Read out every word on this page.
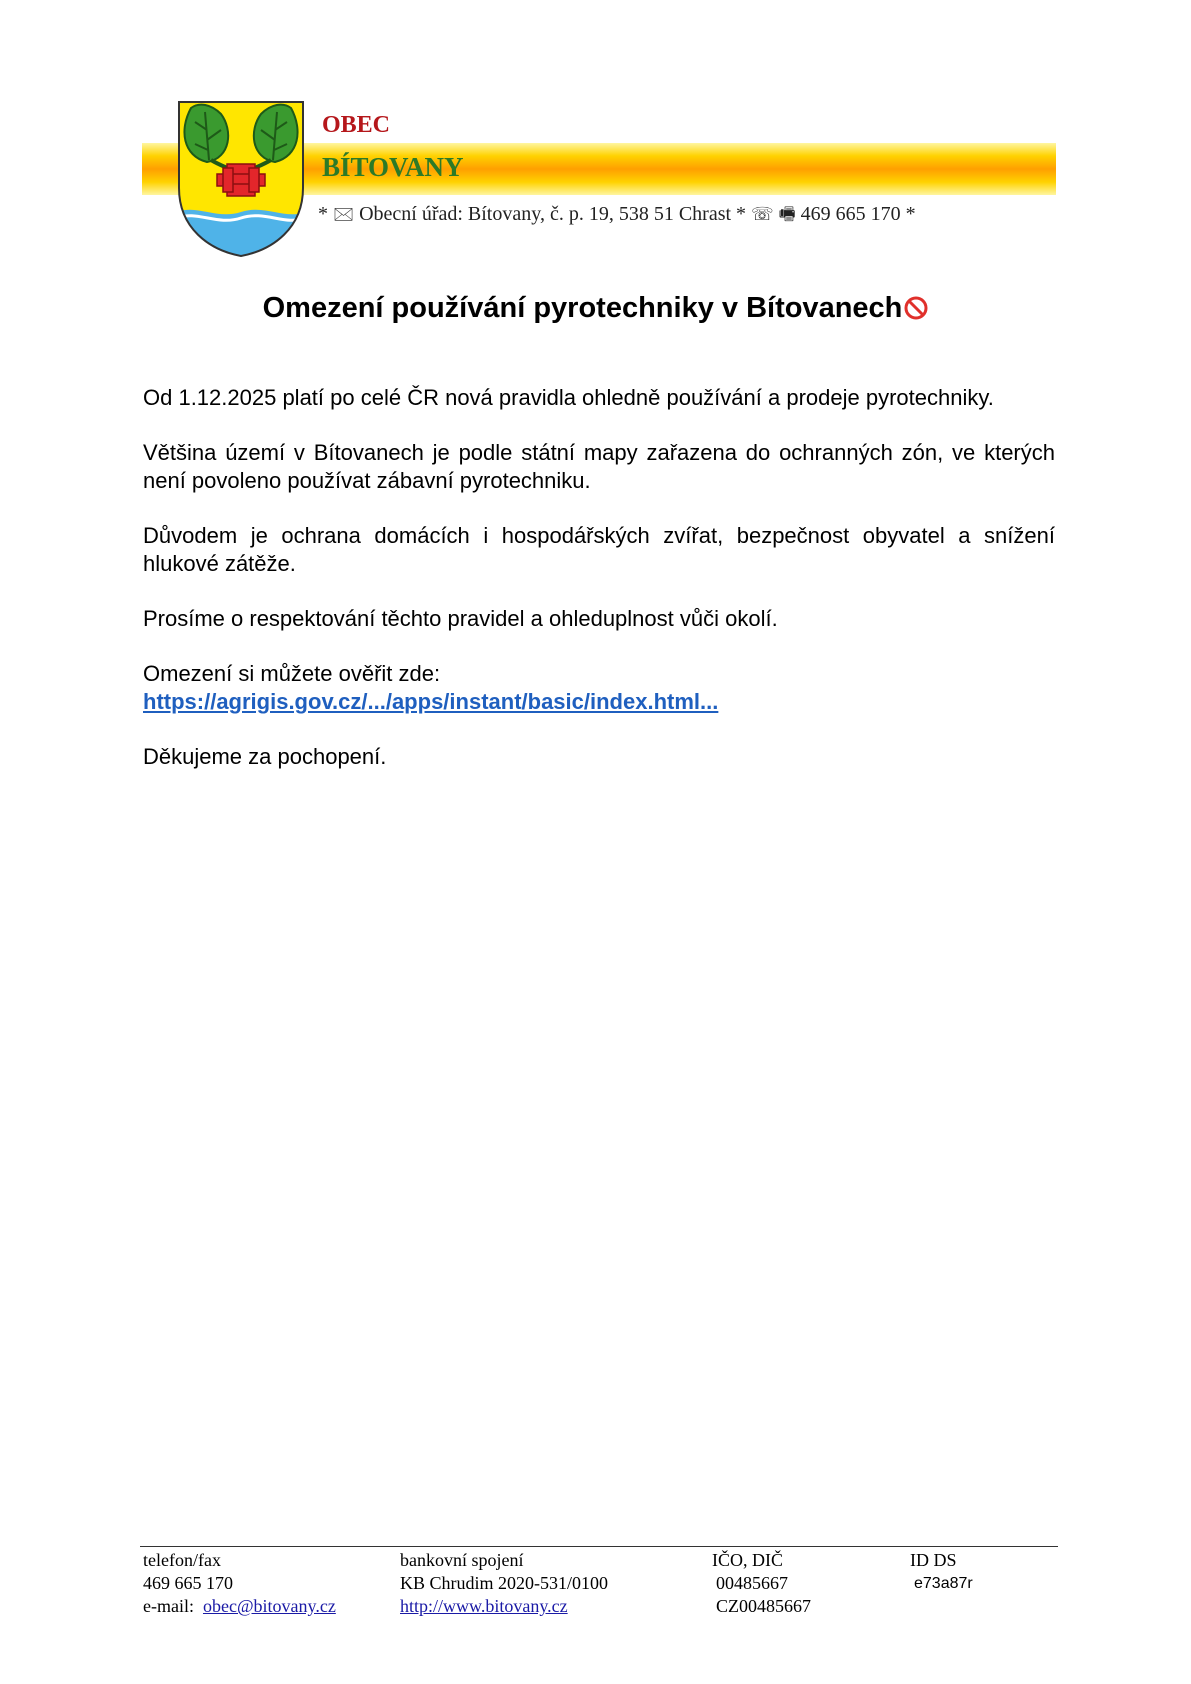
OBEC
BÍTOVANY
* 🖂 Obecní úřad: Bítovany, č. p. 19, 538 51 Chrast * ☏ 🖷 469 665 170 *
Omezení používání pyrotechniky v Bítovanech

Od 1.12.2025 platí po celé ČR nová pravidla ohledně používání a prodeje pyrotechniky.

Většina území v Bítovanech je podle státní mapy zařazena do ochranných zón, ve kterých není povoleno používat zábavní pyrotechniku.

Důvodem je ochrana domácích i hospodářských zvířat, bezpečnost obyvatel a snížení hlukové zátěže.

Prosíme o respektování těchto pravidel a ohleduplnost vůči okolí.

Omezení si můžete ověřit zde:
https://agrigis.gov.cz/.../apps/instant/basic/index.html...

Děkujeme za pochopení.

telefon/fax
469 665 170
e-mail: obec@bitovany.cz
bankovní spojení
KB Chrudim 2020-531/0100
http://www.bitovany.cz
IČO, DIČ
00485667
CZ00485667
ID DS
e73a87r
